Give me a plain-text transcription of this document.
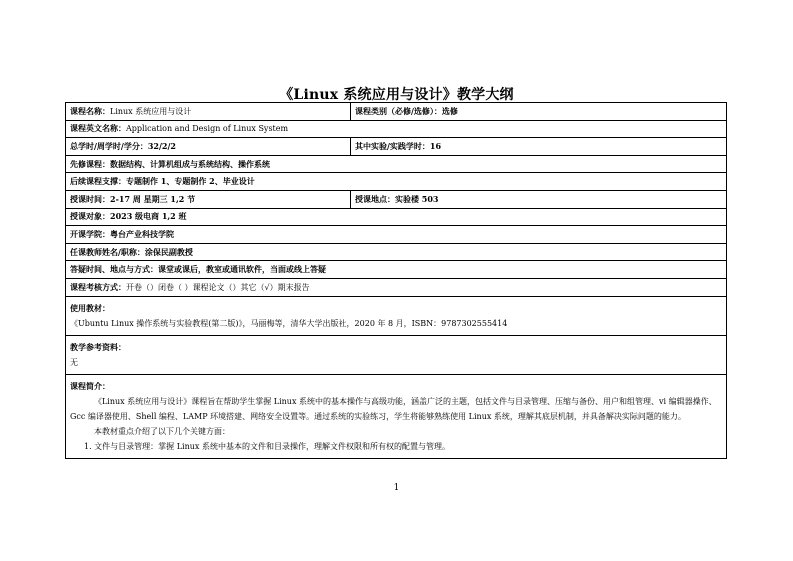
《Linux 系统应用与设计》教学大纲
课程名称：Linux 系统应用与设计	课程类别（必修/选修）：选修
课程英文名称：Application and Design of Linux System	
总学时/周学时/学分：32/2/2	其中实验/实践学时：16
先修课程：数据结构、计算机组成与系统结构、操作系统	
后续课程支撑：专题制作 1、专题制作 2、毕业设计	
授课时间：2-17 周 星期三 1,2 节	授课地点：实验楼 503
授课对象：2023 级电商 1,2 班	
开课学院：粤台产业科技学院	
任课教师姓名/职称：涂保民副教授	
答疑时间、地点与方式：课堂或课后，教室或通讯软件，当面或线上答疑	
课程考核方式：开卷（）闭卷（ ）课程论文（）其它（√）期末报告	

使用教材：

《Ubuntu Linux 操作系统与实验教程(第二版)》，马丽梅等，清华大学出版社，2020 年 8 月，ISBN：9787302555414	

教学参考资料：

无	

课程简介：

《Linux 系统应用与设计》课程旨在帮助学生掌握 Linux 系统中的基本操作与高级功能，涵盖广泛的主题，包括文件与目录管理、压缩与备份、用户和组管理、vi 编辑器操作、Gcc 编译器使用、Shell 编程、LAMP 环境搭建、网络安全设置等。通过系统的实验练习，学生将能够熟练使用 Linux 系统，理解其底层机制，并具备解决实际问题的能力。

本教材重点介绍了以下几个关键方面：

1. 文件与目录管理：掌握 Linux 系统中基本的文件和目录操作，理解文件权限和所有权的配置与管理。	

1
